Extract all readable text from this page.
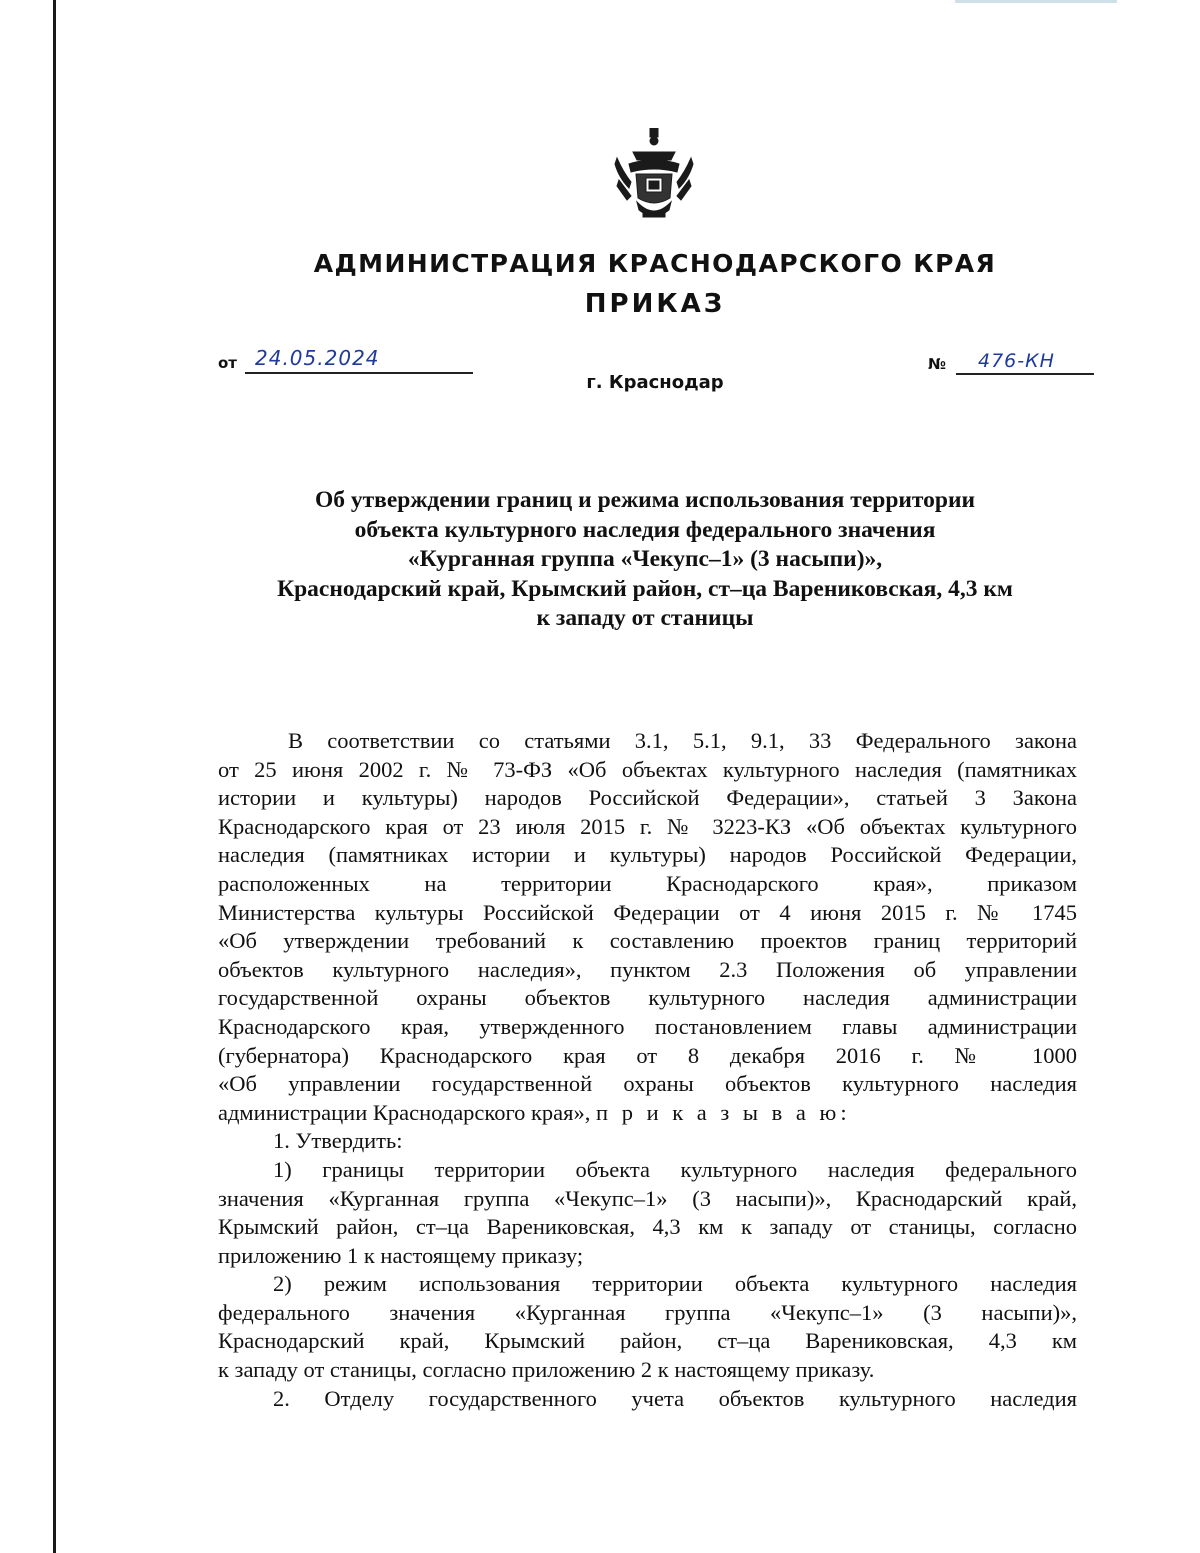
АДМИНИСТРАЦИЯ КРАСНОДАРСКОГО КРАЯ
ПРИКАЗ
от 24.05.2024	№ 476-КН
г. Краснодар
Об утверждении границ и режима использования территории
объекта культурного наследия федерального значения
«Курганная группа «Чекупс–1» (3 насыпи)»,
Краснодарский край, Крымский район, ст–ца Варениковская, 4,3 км
к западу от станицы
В соответствии со статьями 3.1, 5.1, 9.1, 33 Федерального закона
от 25 июня 2002 г. № 73-ФЗ «Об объектах культурного наследия (памятниках
истории и культуры) народов Российской Федерации», статьей 3 Закона
Краснодарского края от 23 июля 2015 г. № 3223-КЗ «Об объектах культурного
наследия (памятниках истории и культуры) народов Российской Федерации,
расположенных на территории Краснодарского края», приказом
Министерства культуры Российской Федерации от 4 июня 2015 г. № 1745
«Об утверждении требований к составлению проектов границ территорий
объектов культурного наследия», пунктом 2.3 Положения об управлении
государственной охраны объектов культурного наследия администрации
Краснодарского края, утвержденного постановлением главы администрации
(губернатора) Краснодарского края от 8 декабря 2016 г. № 1000
«Об управлении государственной охраны объектов культурного наследия
администрации Краснодарского края», п р и к а з ы в а ю:
1. Утвердить:
1) границы территории объекта культурного наследия федерального
значения «Курганная группа «Чекупс–1» (3 насыпи)», Краснодарский край,
Крымский район, ст–ца Варениковская, 4,3 км к западу от станицы, согласно
приложению 1 к настоящему приказу;
2) режим использования территории объекта культурного наследия
федерального значения «Курганная группа «Чекупс–1» (3 насыпи)»,
Краснодарский край, Крымский район, ст–ца Варениковская, 4,3 км
к западу от станицы, согласно приложению 2 к настоящему приказу.
2. Отделу государственного учета объектов культурного наследия
